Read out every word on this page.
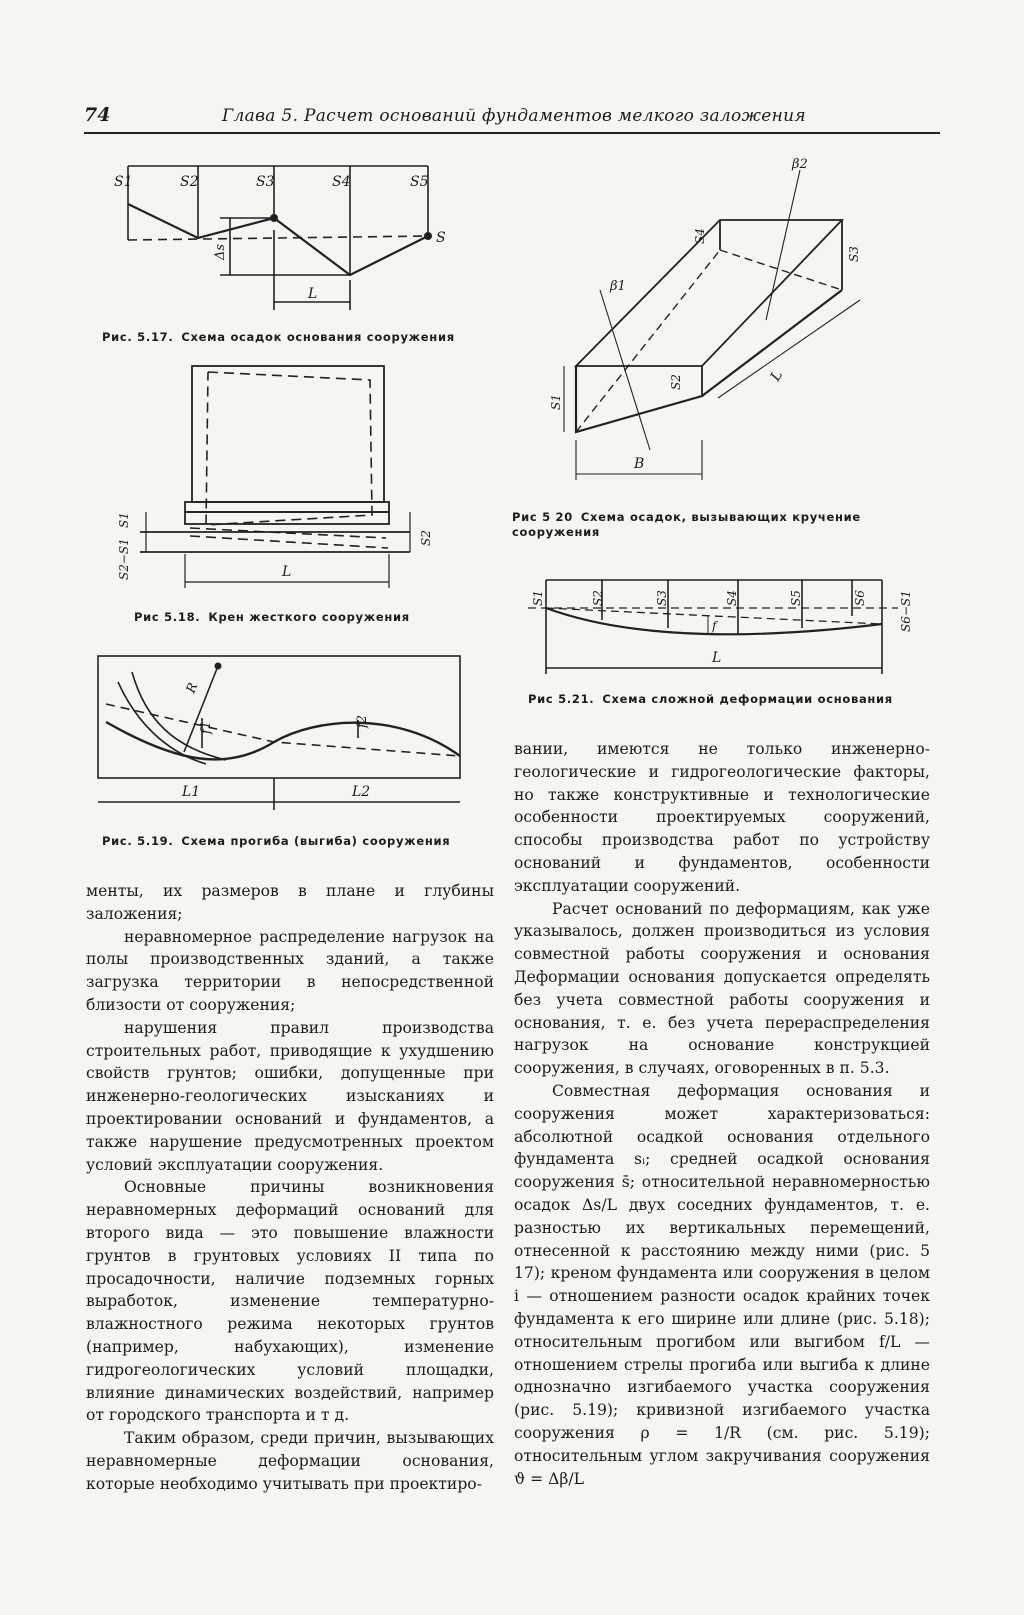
74	Глава 5. Расчет оснований фундаментов мелкого заложения
S1	S2	S3	S4	S5
S
Δs
L
Рис. 5.17. Схема осадок основания сооружения
S1
S2
S2−S1	L
Рис 5.18. Крен жесткого сооружения
R
f1	f2
L1	L2
Рис. 5.19. Схема прогиба (выгиба) сооружения
β1
β2
S1
S2
S3
S4
B
L
Рис 5 20 Схема осадок, вызывающих кручение сооружения
S1	S2	S3	S4	S5	S6	S6−S1
f
L
Рис 5.21. Схема сложной деформации основания

менты, их размеров в плане и глубины заложения;

неравномерное распределение нагрузок на полы производственных зданий, а также загрузка территории в непосредственной близости от сооружения;

нарушения правил производства строительных работ, приводящие к ухудшению свойств грунтов; ошибки, допущенные при инженерно-геологических изысканиях и проектировании оснований и фундаментов, а также нарушение предусмотренных проектом условий эксплуатации сооружения.

Основные причины возникновения неравномерных деформаций оснований для второго вида — это повышение влажности грунтов в грунтовых условиях II типа по просадочности, наличие подземных горных выработок, изменение температурно-влажностного режима некоторых грунтов (например, набухающих), изменение гидрогеологических условий площадки, влияние динамических воздействий, например от городского транспорта и т д.

Таким образом, среди причин, вызывающих неравномерные деформации основания, которые необходимо учитывать при проектиро-

вании, имеются не только инженерно-геологические и гидрогеологические факторы, но также конструктивные и технологические особенности проектируемых сооружений, способы производства работ по устройству оснований и фундаментов, особенности эксплуатации сооружений.

Расчет оснований по деформациям, как уже указывалось, должен производиться из условия совместной работы сооружения и основания Деформации основания допускается определять без учета совместной работы сооружения и основания, т. е. без учета перераспределения нагрузок на основание конструкцией сооружения, в случаях, оговоренных в п. 5.3.

Совместная деформация основания и сооружения может характеризоваться: абсолютной осадкой основания отдельного фундамента sᵢ; средней осадкой основания сооружения s̄; относительной неравномерностью осадок Δs/L двух соседних фундаментов, т. е. разностью их вертикальных перемещений, отнесенной к расстоянию между ними (рис. 5 17); креном фундамента или сооружения в целом i — отношением разности осадок крайних точек фундамента к его ширине или длине (рис. 5.18); относительным прогибом или выгибом f/L — отношением стрелы прогиба или выгиба к длине однозначно изгибаемого участка сооружения (рис. 5.19); кривизной изгибаемого участка сооружения ρ = 1/R (см. рис. 5.19); относительным углом закручивания сооружения ϑ = Δβ/L
